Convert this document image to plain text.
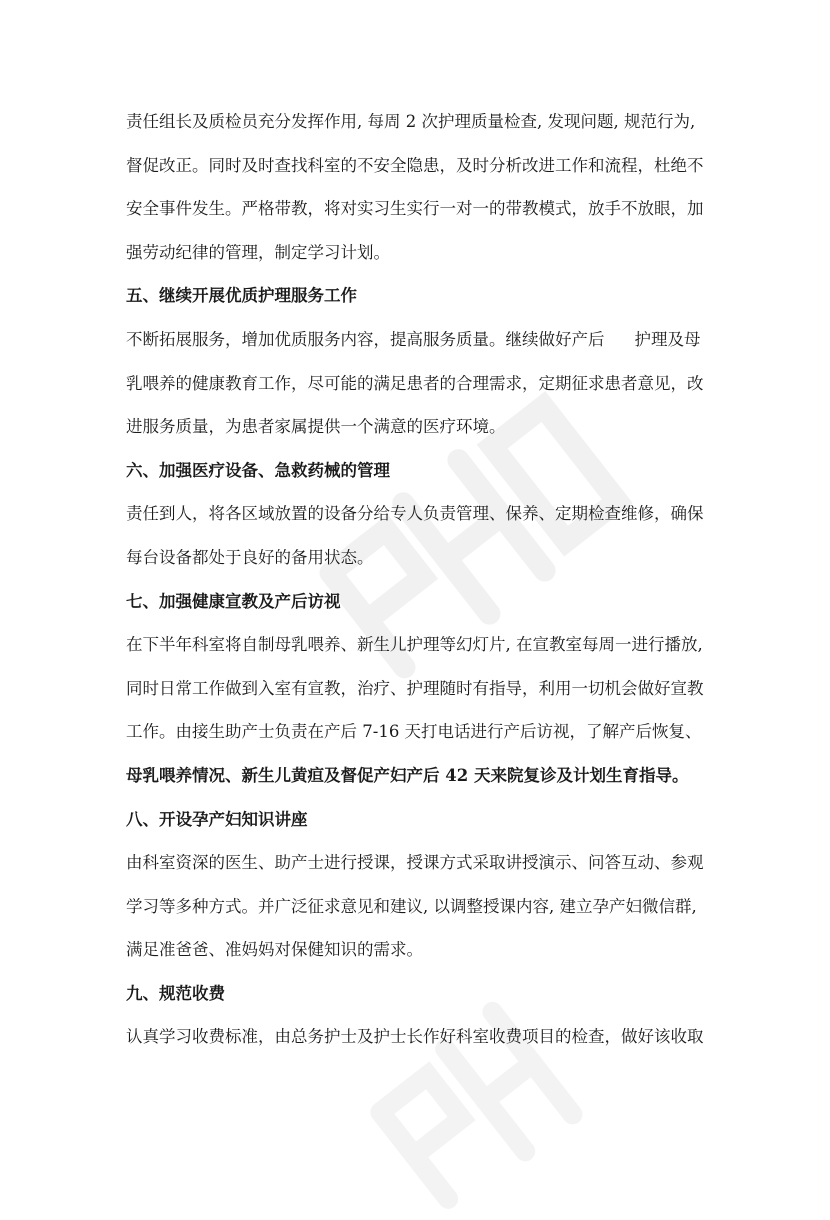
责任组长及质检员充分发挥作用, 每周 2 次护理质量检查, 发现问题, 规范行为,
督促改正。同时及时查找科室的不安全隐患，及时分析改进工作和流程，杜绝不
安全事件发生。严格带教，将对实习生实行一对一的带教模式，放手不放眼，加
强劳动纪律的管理，制定学习计划。
五、继续开展优质护理服务工作
不断拓展服务，增加优质服务内容，提高服务质量。继续做好产后 护理及母
乳喂养的健康教育工作，尽可能的满足患者的合理需求，定期征求患者意见，改
进服务质量，为患者家属提供一个满意的医疗环境。
六、加强医疗设备、急救药械的管理
责任到人，将各区域放置的设备分给专人负责管理、保养、定期检查维修，确保
每台设备都处于良好的备用状态。
七、加强健康宣教及产后访视
在下半年科室将自制母乳喂养、新生儿护理等幻灯片, 在宣教室每周一进行播放,
同时日常工作做到入室有宣教，治疗、护理随时有指导，利用一切机会做好宣教
工作。由接生助产士负责在产后 7-16 天打电话进行产后访视，了解产后恢复、
母乳喂养情况、新生儿黄疸及督促产妇产后 42 天来院复诊及计划生育指导。
八、开设孕产妇知识讲座
由科室资深的医生、助产士进行授课，授课方式采取讲授演示、问答互动、参观
学习等多种方式。并广泛征求意见和建议, 以调整授课内容, 建立孕产妇微信群,
满足准爸爸、准妈妈对保健知识的需求。
九、规范收费
认真学习收费标准，由总务护士及护士长作好科室收费项目的检查，做好该收取
